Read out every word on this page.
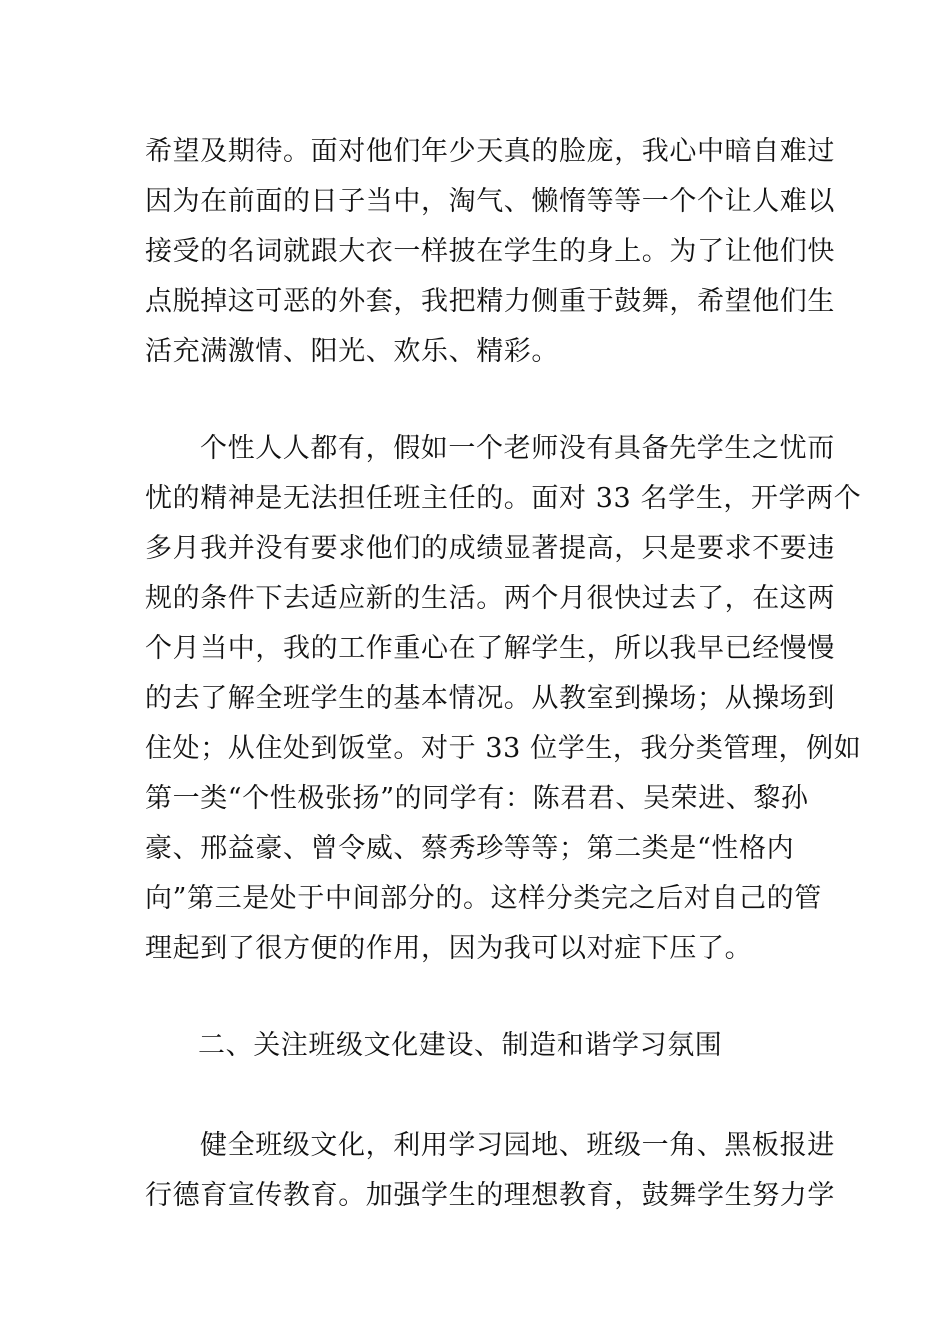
希望及期待。面对他们年少天真的脸庞，我心中暗自难过
因为在前面的日子当中，淘气、懒惰等等一个个让人难以
接受的名词就跟大衣一样披在学生的身上。为了让他们快
点脱掉这可恶的外套，我把精力侧重于鼓舞，希望他们生
活充满激情、阳光、欢乐、精彩。
个性人人都有，假如一个老师没有具备先学生之忧而
忧的精神是无法担任班主任的。面对 33 名学生，开学两个
多月我并没有要求他们的成绩显著提高，只是要求不要违
规的条件下去适应新的生活。两个月很快过去了，在这两
个月当中，我的工作重心在了解学生，所以我早已经慢慢
的去了解全班学生的基本情况。从教室到操场；从操场到
住处；从住处到饭堂。对于 33 位学生，我分类管理，例如
第一类“个性极张扬”的同学有：陈君君、吴荣进、黎孙
豪、邢益豪、曾令威、蔡秀珍等等；第二类是“性格内
向”第三是处于中间部分的。这样分类完之后对自己的管
理起到了很方便的作用，因为我可以对症下压了。
二、关注班级文化建设、制造和谐学习氛围
健全班级文化，利用学习园地、班级一角、黑板报进
行德育宣传教育。加强学生的理想教育，鼓舞学生努力学
